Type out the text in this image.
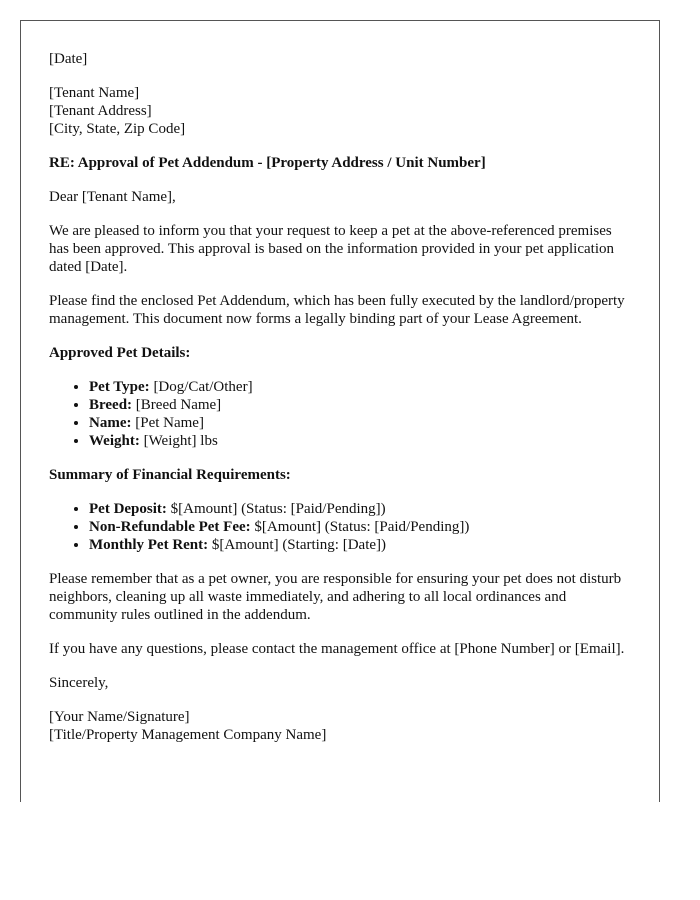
[Date]

[Tenant Name]
[Tenant Address]
[City, State, Zip Code]

RE: Approval of Pet Addendum - [Property Address / Unit Number]

Dear [Tenant Name],

We are pleased to inform you that your request to keep a pet at the above-referenced premises has been approved. This approval is based on the information provided in your pet application dated [Date].

Please find the enclosed Pet Addendum, which has been fully executed by the landlord/property management. This document now forms a legally binding part of your Lease Agreement.

Approved Pet Details:

• Pet Type: [Dog/Cat/Other]
• Breed: [Breed Name]
• Name: [Pet Name]
• Weight: [Weight] lbs

Summary of Financial Requirements:

• Pet Deposit: $[Amount] (Status: [Paid/Pending])
• Non-Refundable Pet Fee: $[Amount] (Status: [Paid/Pending])
• Monthly Pet Rent: $[Amount] (Starting: [Date])

Please remember that as a pet owner, you are responsible for ensuring your pet does not disturb neighbors, cleaning up all waste immediately, and adhering to all local ordinances and community rules outlined in the addendum.

If you have any questions, please contact the management office at [Phone Number] or [Email].

Sincerely,

[Your Name/Signature]
[Title/Property Management Company Name]
